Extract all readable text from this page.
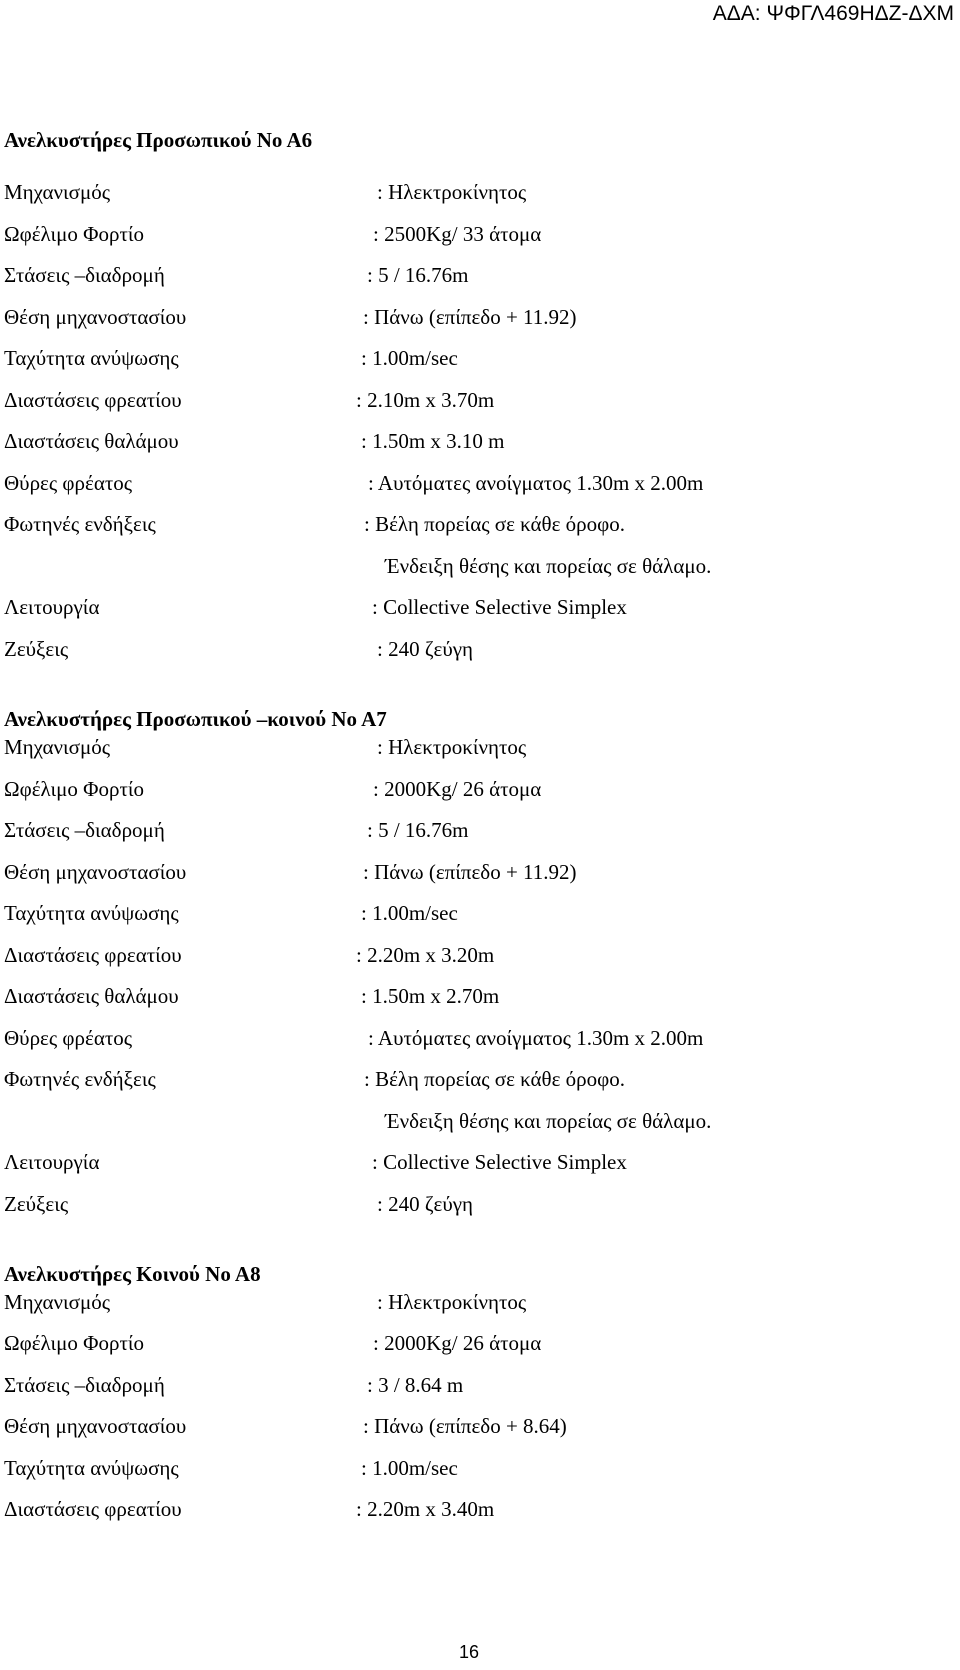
ΑΔΑ: ΨΦΓΛ469ΗΔΖ-ΔΧΜ
Ανελκυστήρες Προσωπικού Νο Α6
Μηχανισμός	: Ηλεκτροκίνητος
Ωφέλιμο Φορτίο	: 2500Kg/ 33 άτομα
Στάσεις –διαδρομή	: 5 / 16.76m
Θέση μηχανοστασίου	: Πάνω (επίπεδο + 11.92)
Ταχύτητα ανύψωσης	: 1.00m/sec
Διαστάσεις φρεατίου	: 2.10m x 3.70m
Διαστάσεις θαλάμου	: 1.50m x 3.10 m
Θύρες φρέατος	: Αυτόματες ανοίγματος 1.30m x 2.00m
Φωτηνές ενδήξεις	: Βέλη πορείας σε κάθε όροφο.
Ένδειξη θέσης και πορείας σε θάλαμο.
Λειτουργία	: Collective Selective Simplex
Ζεύξεις	: 240 ζεύγη
Ανελκυστήρες Προσωπικού –κοινού Νο Α7
Μηχανισμός	: Ηλεκτροκίνητος
Ωφέλιμο Φορτίο	: 2000Kg/ 26 άτομα
Στάσεις –διαδρομή	: 5 / 16.76m
Θέση μηχανοστασίου	: Πάνω (επίπεδο + 11.92)
Ταχύτητα ανύψωσης	: 1.00m/sec
Διαστάσεις φρεατίου	: 2.20m x 3.20m
Διαστάσεις θαλάμου	: 1.50m x 2.70m
Θύρες φρέατος	: Αυτόματες ανοίγματος 1.30m x 2.00m
Φωτηνές ενδήξεις	: Βέλη πορείας σε κάθε όροφο.
Ένδειξη θέσης και πορείας σε θάλαμο.
Λειτουργία	: Collective Selective Simplex
Ζεύξεις	: 240 ζεύγη
Ανελκυστήρες Κοινού Νο Α8
Μηχανισμός	: Ηλεκτροκίνητος
Ωφέλιμο Φορτίο	: 2000Kg/ 26 άτομα
Στάσεις –διαδρομή	: 3 / 8.64 m
Θέση μηχανοστασίου	: Πάνω (επίπεδο + 8.64)
Ταχύτητα ανύψωσης	: 1.00m/sec
Διαστάσεις φρεατίου	: 2.20m x 3.40m
16
